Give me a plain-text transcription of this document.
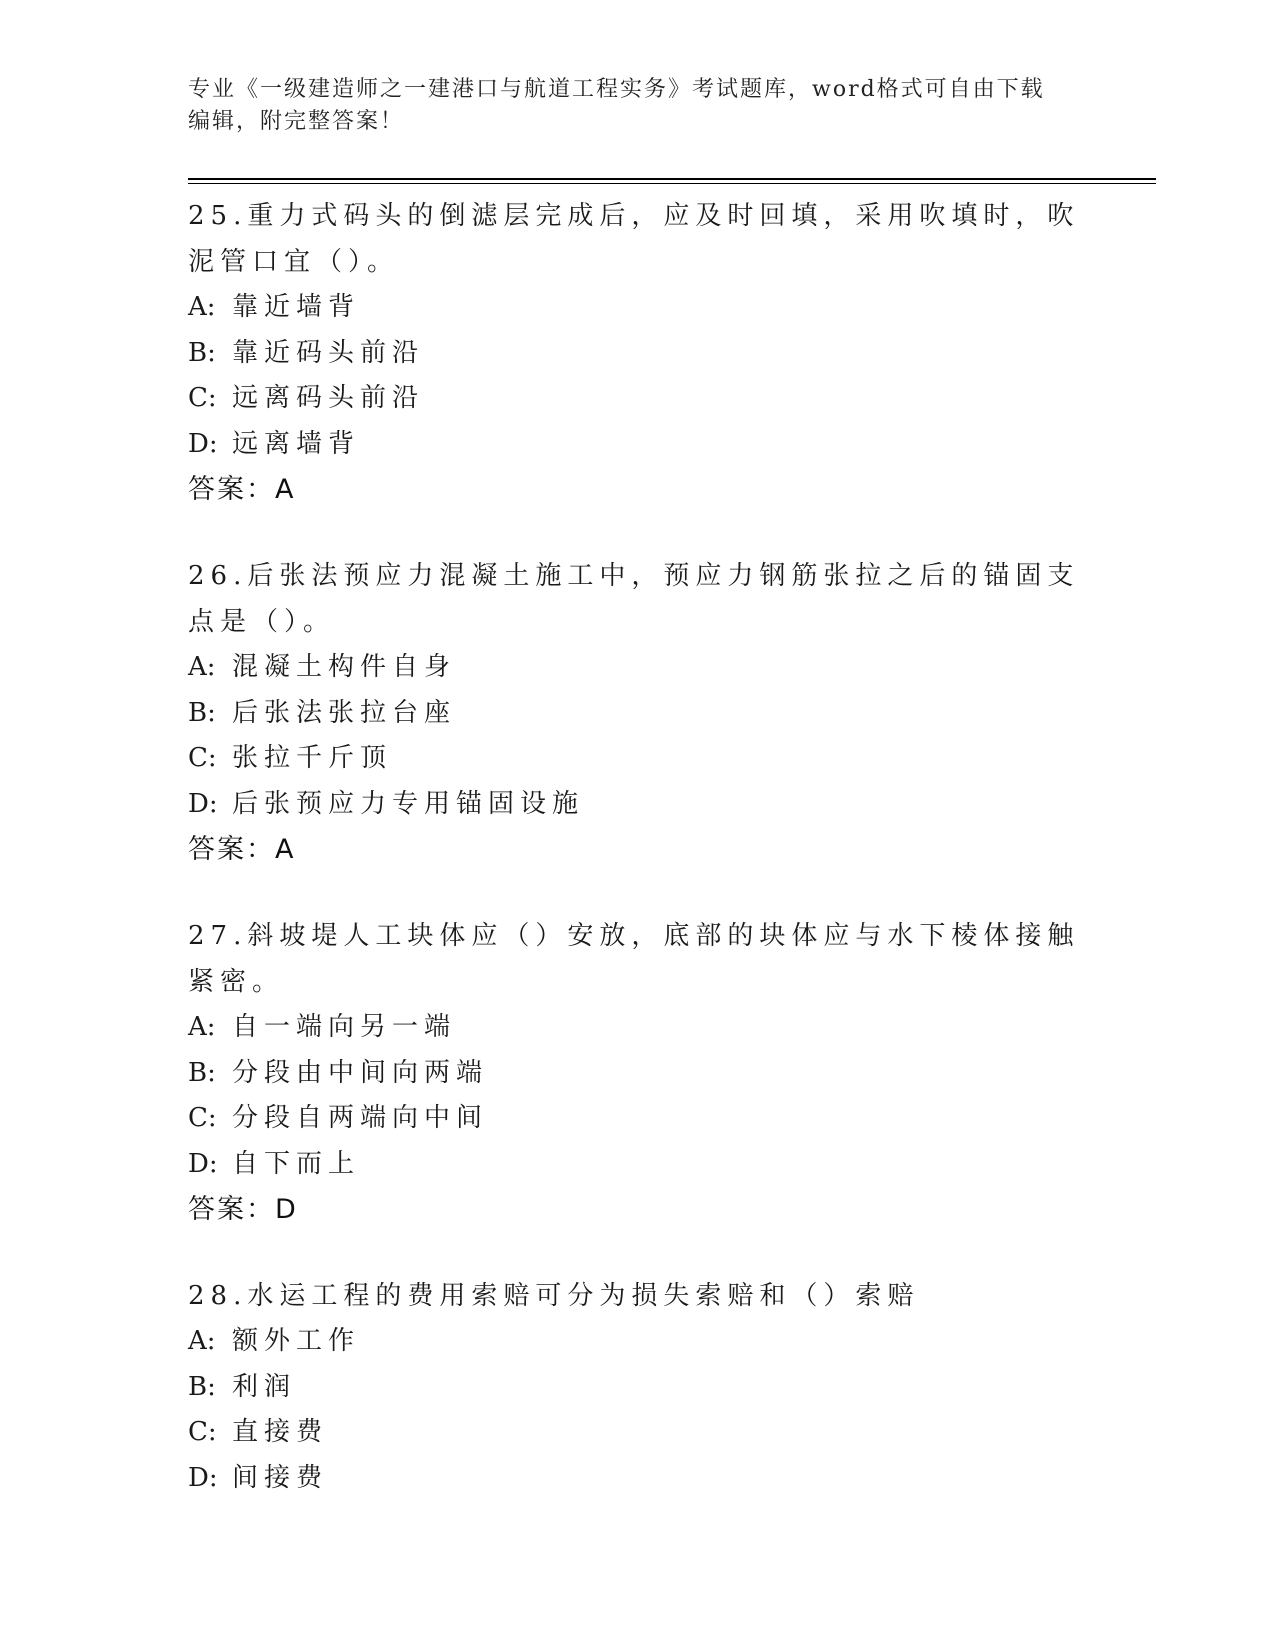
专业《一级建造师之一建港口与航道工程实务》考试题库，word格式可自由下载
编辑，附完整答案！

25.重力式码头的倒滤层完成后，应及时回填，采用吹填时，吹泥管口宜（）。

A: 靠近墙背

B: 靠近码头前沿

C: 远离码头前沿

D: 远离墙背

答案：A

26.后张法预应力混凝土施工中，预应力钢筋张拉之后的锚固支点是（）。

A: 混凝土构件自身

B: 后张法张拉台座

C: 张拉千斤顶

D: 后张预应力专用锚固设施

答案：A

27.斜坡堤人工块体应（）安放，底部的块体应与水下棱体接触紧密。

A: 自一端向另一端

B: 分段由中间向两端

C: 分段自两端向中间

D: 自下而上

答案：D

28.水运工程的费用索赔可分为损失索赔和（）索赔

A: 额外工作

B: 利润

C: 直接费

D: 间接费
